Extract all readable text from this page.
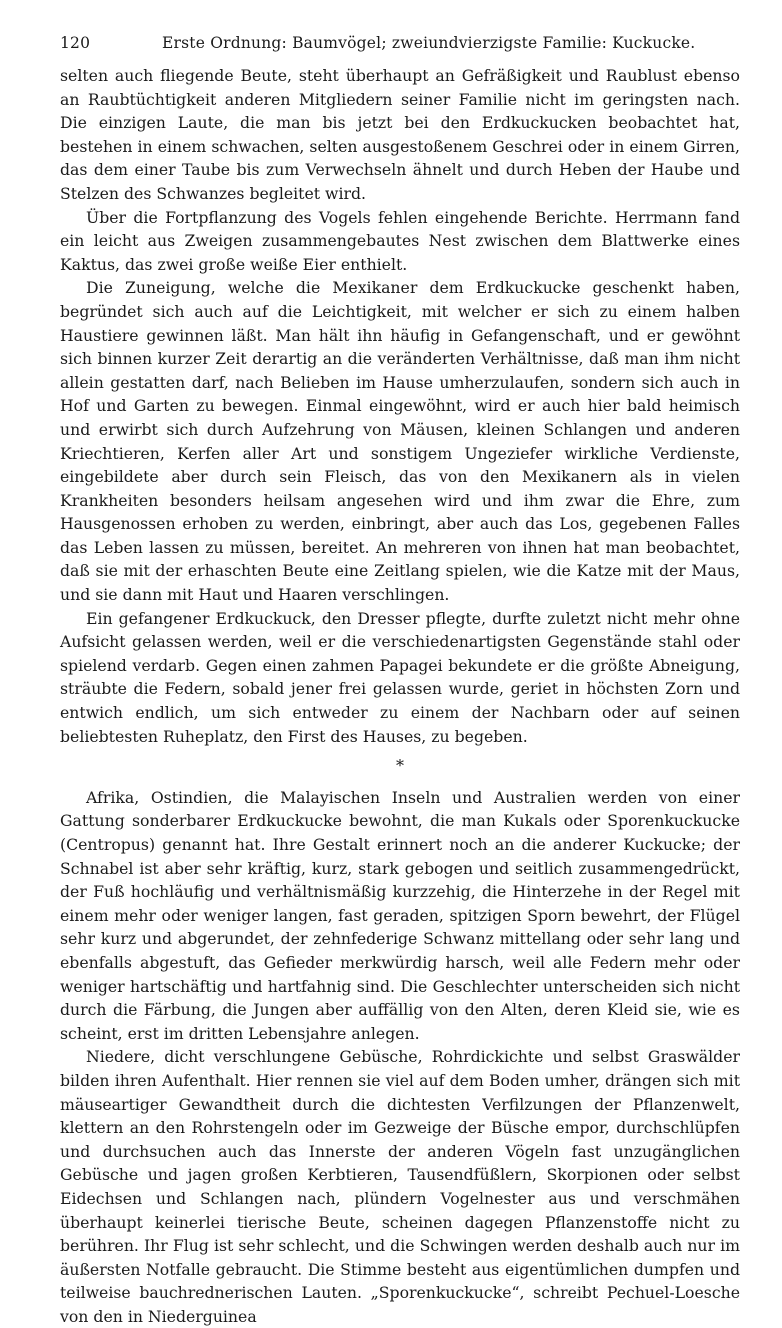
120	Erste Ordnung: Baumvögel; zweiundvierzigste Familie: Kuckucke.

selten auch fliegende Beute, steht überhaupt an Gefräßigkeit und Raublust ebenso an Raubtüchtigkeit anderen Mitgliedern seiner Familie nicht im geringsten nach. Die einzigen Laute, die man bis jetzt bei den Erdkuckucken beobachtet hat, bestehen in einem schwachen, selten ausgestoßenem Geschrei oder in einem Girren, das dem einer Taube bis zum Verwechseln ähnelt und durch Heben der Haube und Stelzen des Schwanzes begleitet wird.

Über die Fortpflanzung des Vogels fehlen eingehende Berichte. Herrmann fand ein leicht aus Zweigen zusammengebautes Nest zwischen dem Blattwerke eines Kaktus, das zwei große weiße Eier enthielt.

Die Zuneigung, welche die Mexikaner dem Erdkuckucke geschenkt haben, begründet sich auch auf die Leichtigkeit, mit welcher er sich zu einem halben Haustiere gewinnen läßt. Man hält ihn häufig in Gefangenschaft, und er gewöhnt sich binnen kurzer Zeit derartig an die veränderten Verhältnisse, daß man ihm nicht allein gestatten darf, nach Belieben im Hause umherzulaufen, sondern sich auch in Hof und Garten zu bewegen. Einmal eingewöhnt, wird er auch hier bald heimisch und erwirbt sich durch Aufzehrung von Mäusen, kleinen Schlangen und anderen Kriechtieren, Kerfen aller Art und sonstigem Ungeziefer wirkliche Verdienste, eingebildete aber durch sein Fleisch, das von den Mexikanern als in vielen Krankheiten besonders heilsam angesehen wird und ihm zwar die Ehre, zum Hausgenossen erhoben zu werden, einbringt, aber auch das Los, gegebenen Falles das Leben lassen zu müssen, bereitet. An mehreren von ihnen hat man beobachtet, daß sie mit der erhaschten Beute eine Zeitlang spielen, wie die Katze mit der Maus, und sie dann mit Haut und Haaren verschlingen.

Ein gefangener Erdkuckuck, den Dresser pflegte, durfte zuletzt nicht mehr ohne Aufsicht gelassen werden, weil er die verschiedenartigsten Gegenstände stahl oder spielend verdarb. Gegen einen zahmen Papagei bekundete er die größte Abneigung, sträubte die Federn, sobald jener frei gelassen wurde, geriet in höchsten Zorn und entwich endlich, um sich entweder zu einem der Nachbarn oder auf seinen beliebtesten Ruheplatz, den First des Hauses, zu begeben.

*

Afrika, Ostindien, die Malayischen Inseln und Australien werden von einer Gattung sonderbarer Erdkuckucke bewohnt, die man Kukals oder Sporenkuckucke (Centropus) genannt hat. Ihre Gestalt erinnert noch an die anderer Kuckucke; der Schnabel ist aber sehr kräftig, kurz, stark gebogen und seitlich zusammengedrückt, der Fuß hochläufig und verhältnismäßig kurzzehig, die Hinterzehe in der Regel mit einem mehr oder weniger langen, fast geraden, spitzigen Sporn bewehrt, der Flügel sehr kurz und abgerundet, der zehnfederige Schwanz mittellang oder sehr lang und ebenfalls abgestuft, das Gefieder merkwürdig harsch, weil alle Federn mehr oder weniger hartschäftig und hartfahnig sind. Die Geschlechter unterscheiden sich nicht durch die Färbung, die Jungen aber auffällig von den Alten, deren Kleid sie, wie es scheint, erst im dritten Lebensjahre anlegen.

Niedere, dicht verschlungene Gebüsche, Rohrdickichte und selbst Graswälder bilden ihren Aufenthalt. Hier rennen sie viel auf dem Boden umher, drängen sich mit mäuseartiger Gewandtheit durch die dichtesten Verfilzungen der Pflanzenwelt, klettern an den Rohrstengeln oder im Gezweige der Büsche empor, durchschlüpfen und durchsuchen auch das Innerste der anderen Vögeln fast unzugänglichen Gebüsche und jagen großen Kerbtieren, Tausendfüßlern, Skorpionen oder selbst Eidechsen und Schlangen nach, plündern Vogelnester aus und verschmähen überhaupt keinerlei tierische Beute, scheinen dagegen Pflanzenstoffe nicht zu berühren. Ihr Flug ist sehr schlecht, und die Schwingen werden deshalb auch nur im äußersten Notfalle gebraucht. Die Stimme besteht aus eigentümlichen dumpfen und teilweise bauchrednerischen Lauten. „Sporenkuckucke“, schreibt Pechuel-Loesche von den in Niederguinea
